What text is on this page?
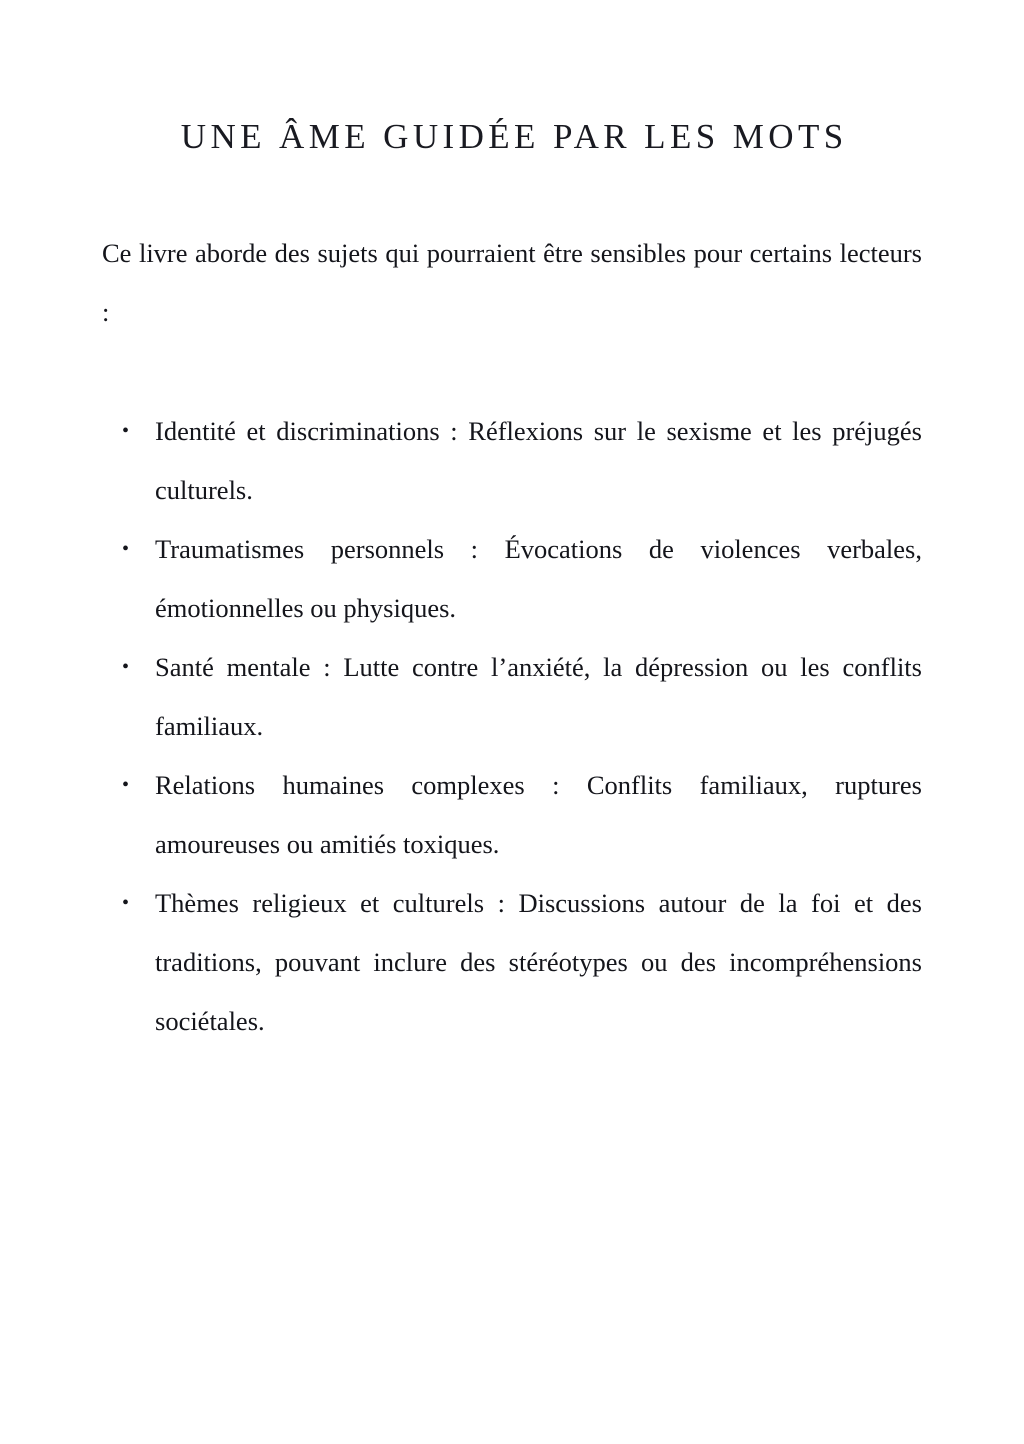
UNE ÂME GUIDÉE PAR LES MOTS

Ce livre aborde des sujets qui pourraient être sensibles pour certains lecteurs :

• Identité et discriminations : Réflexions sur le sexisme et les préjugés culturels.
• Traumatismes personnels : Évocations de violences verbales, émotionnelles ou physiques.
• Santé mentale : Lutte contre l’anxiété, la dépression ou les conflits familiaux.
• Relations humaines complexes : Conflits familiaux, ruptures amoureuses ou amitiés toxiques.
• Thèmes religieux et culturels : Discussions autour de la foi et des traditions, pouvant inclure des stéréotypes ou des incompréhensions sociétales.
